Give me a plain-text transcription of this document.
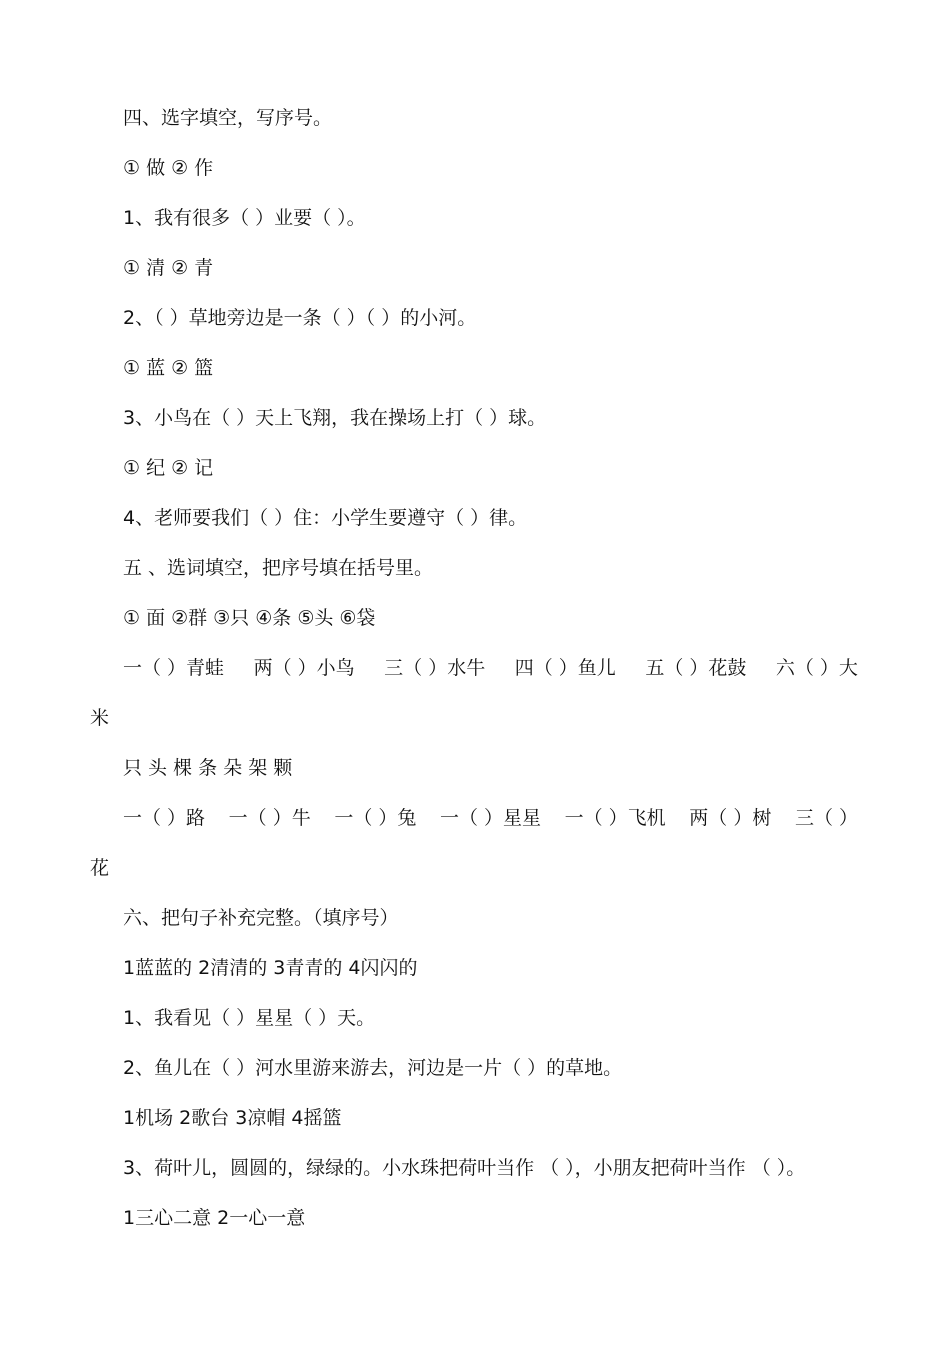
四、选字填空，写序号。
① 做 ② 作
1、我有很多（ ）业要（ ）。
① 清 ② 青
2、（ ）草地旁边是一条（ ）（ ）的小河。
① 蓝 ② 篮
3、小鸟在（ ）天上飞翔，我在操场上打（ ）球。
① 纪 ② 记
4、老师要我们（ ）住：小学生要遵守（ ）律。
五 、选词填空，把序号填在括号里。
① 面 ②群 ③只 ④条 ⑤头 ⑥袋
一（ ）青蛙 两（ ）小鸟 三（ ）水牛 四（ ）鱼儿 五（ ）花鼓 六（ ）大
米
只 头 棵 条 朵 架 颗
一（ ）路 一（ ）牛 一（ ）兔 一（ ）星星 一（ ）飞机 两（ ）树 三（ ）
花
六、把句子补充完整。（填序号）
1蓝蓝的 2清清的 3青青的 4闪闪的
1、我看见（ ）星星（ ）天。
2、鱼儿在（ ）河水里游来游去，河边是一片（ ）的草地。
1机场 2歌台 3凉帽 4摇篮
3、荷叶儿，圆圆的，绿绿的。小水珠把荷叶当作 （ ），小朋友把荷叶当作 （ ）。
1三心二意 2一心一意
